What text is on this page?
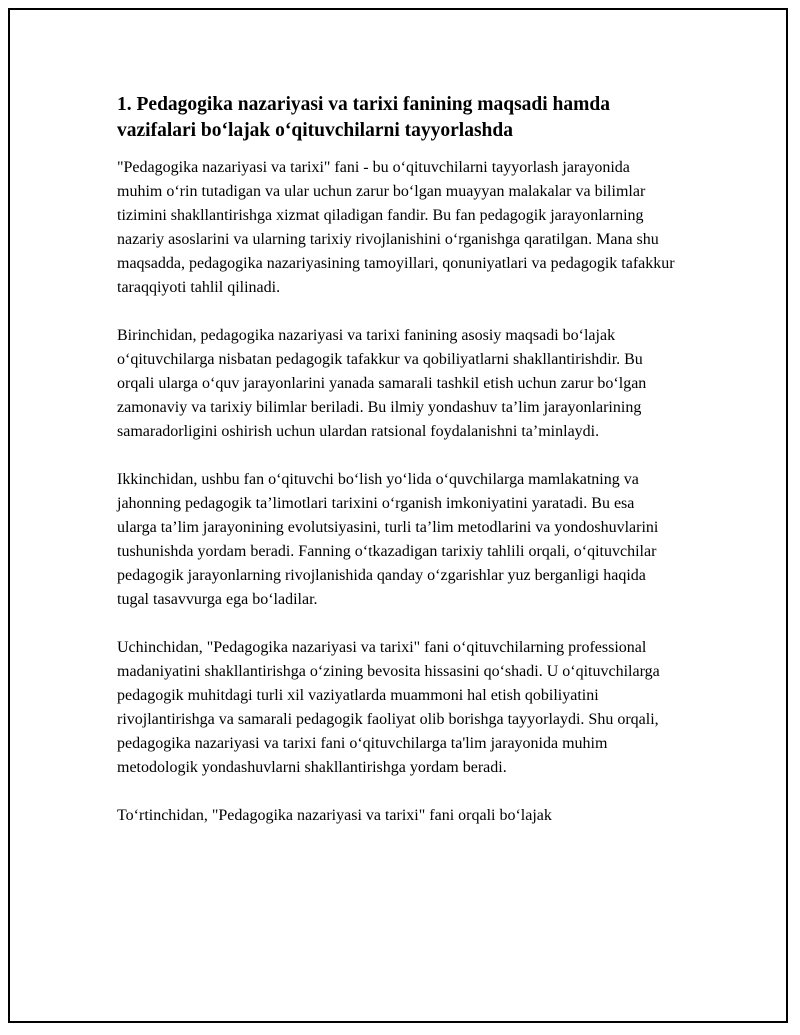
1. Pedagogika nazariyasi va tarixi fanining maqsadi hamda vazifalari boʻlajak oʻqituvchilarni tayyorlashda

"Pedagogika nazariyasi va tarixi" fani - bu oʻqituvchilarni tayyorlash jarayonida muhim oʻrin tutadigan va ular uchun zarur boʻlgan muayyan malakalar va bilimlar tizimini shakllantirishga xizmat qiladigan fandir. Bu fan pedagogik jarayonlarning nazariy asoslarini va ularning tarixiy rivojlanishini oʻrganishga qaratilgan. Mana shu maqsadda, pedagogika nazariyasining tamoyillari, qonuniyatlari va pedagogik tafakkur taraqqiyoti tahlil qilinadi.

Birinchidan, pedagogika nazariyasi va tarixi fanining asosiy maqsadi boʻlajak oʻqituvchilarga nisbatan pedagogik tafakkur va qobiliyatlarni shakllantirishdir. Bu orqali ularga oʻquv jarayonlarini yanada samarali tashkil etish uchun zarur boʻlgan zamonaviy va tarixiy bilimlar beriladi. Bu ilmiy yondashuv taʼlim jarayonlarining samaradorligini oshirish uchun ulardan ratsional foydalanishni taʼminlaydi.

Ikkinchidan, ushbu fan oʻqituvchi boʻlish yoʻlida oʻquvchilarga mamlakatning va jahonning pedagogik taʼlimotlari tarixini oʻrganish imkoniyatini yaratadi. Bu esa ularga taʼlim jarayonining evolutsiyasini, turli taʼlim metodlarini va yondoshuvlarini tushunishda yordam beradi. Fanning oʻtkazadigan tarixiy tahlili orqali, oʻqituvchilar pedagogik jarayonlarning rivojlanishida qanday oʻzgarishlar yuz berganligi haqida tugal tasavvurga ega boʻladilar.

Uchinchidan, "Pedagogika nazariyasi va tarixi" fani oʻqituvchilarning professional madaniyatini shakllantirishga oʻzining bevosita hissasini qoʻshadi. U oʻqituvchilarga pedagogik muhitdagi turli xil vaziyatlarda muammoni hal etish qobiliyatini rivojlantirishga va samarali pedagogik faoliyat olib borishga tayyorlaydi. Shu orqali, pedagogika nazariyasi va tarixi fani oʻqituvchilarga ta'lim jarayonida muhim metodologik yondashuvlarni shakllantirishga yordam beradi.

Toʻrtinchidan, "Pedagogika nazariyasi va tarixi" fani orqali boʻlajak
